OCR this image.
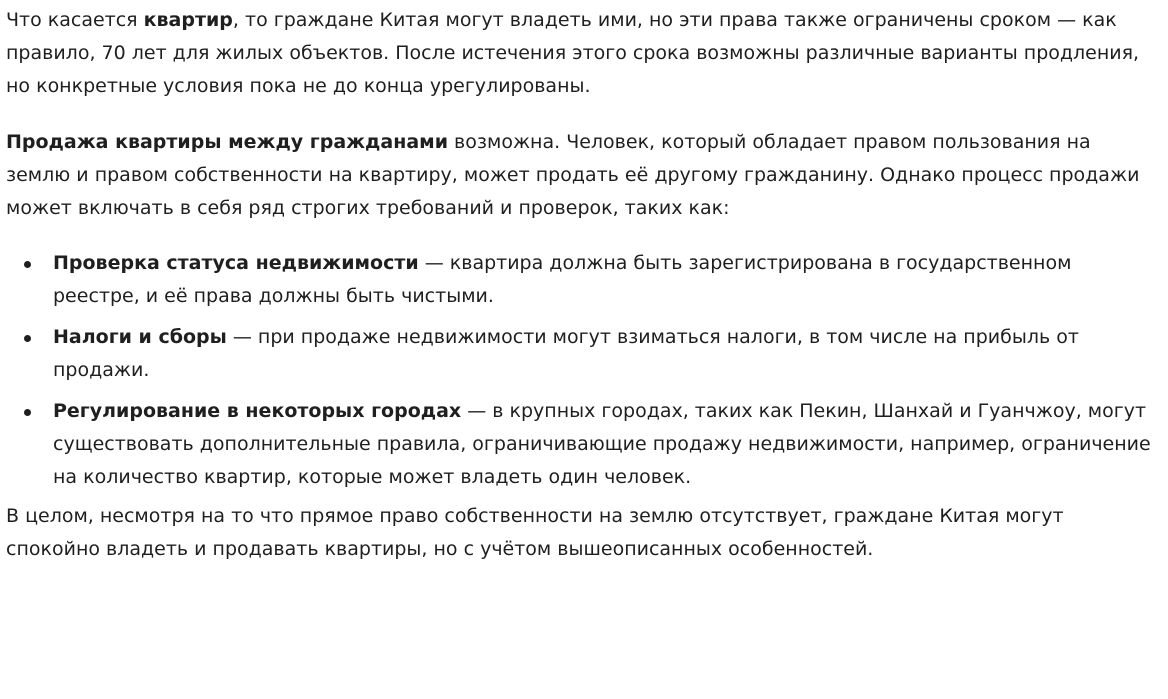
Что касается квартир, то граждане Китая могут владеть ими, но эти права также ограничены сроком — как правило, 70 лет для жилых объектов. После истечения этого срока возможны различные варианты продления, но конкретные условия пока не до конца урегулированы.

Продажа квартиры между гражданами возможна. Человек, который обладает правом пользования на землю и правом собственности на квартиру, может продать её другому гражданину. Однако процесс продажи может включать в себя ряд строгих требований и проверок, таких как:

Проверка статуса недвижимости — квартира должна быть зарегистрирована в государственном реестре, и её права должны быть чистыми.
Налоги и сборы — при продаже недвижимости могут взиматься налоги, в том числе на прибыль от продажи.
Регулирование в некоторых городах — в крупных городах, таких как Пекин, Шанхай и Гуанчжоу, могут существовать дополнительные правила, ограничивающие продажу недвижимости, например, ограничение на количество квартир, которые может владеть один человек.

В целом, несмотря на то что прямое право собственности на землю отсутствует, граждане Китая могут спокойно владеть и продавать квартиры, но с учётом вышеописанных особенностей.
